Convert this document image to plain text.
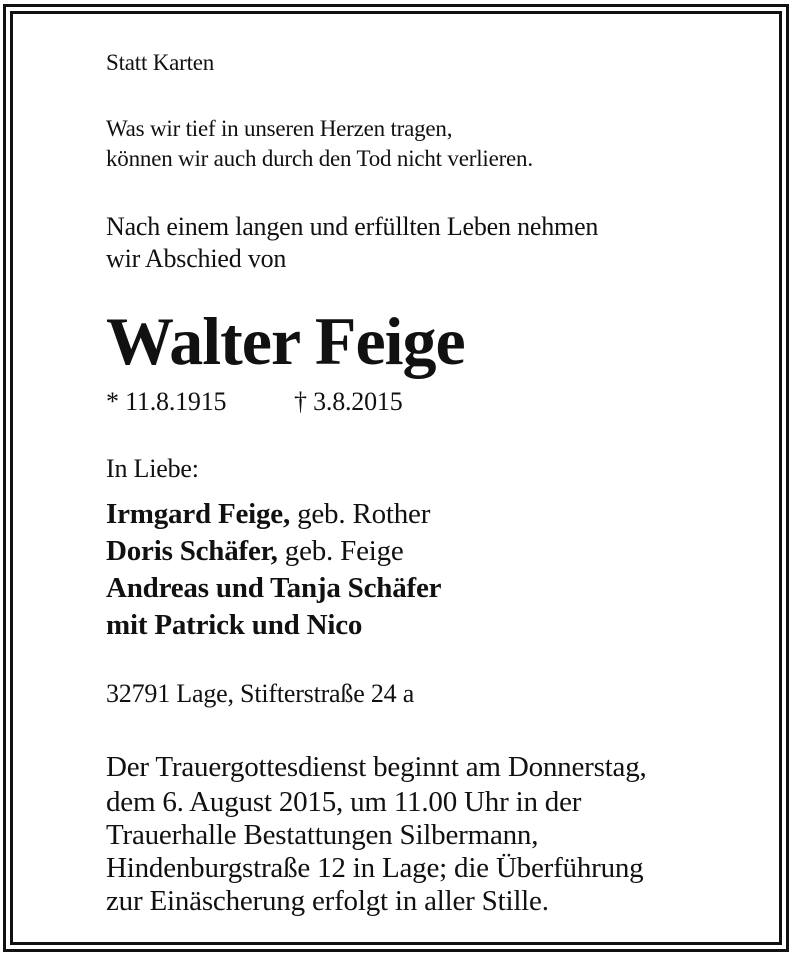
Statt Karten
Was wir tief in unseren Herzen tragen,
können wir auch durch den Tod nicht verlieren.
Nach einem langen und erfüllten Leben nehmen
wir Abschied von
Walter Feige
* 11.8.1915	† 3.8.2015
In Liebe:
Irmgard Feige, geb. Rother
Doris Schäfer, geb. Feige
Andreas und Tanja Schäfer
mit Patrick und Nico
32791 Lage, Stifterstraße 24 a
Der Trauergottesdienst beginnt am Donnerstag,
dem 6. August 2015, um 11.00 Uhr in der
Trauerhalle Bestattungen Silbermann,
Hindenburgstraße 12 in Lage; die Überführung
zur Einäscherung erfolgt in aller Stille.
